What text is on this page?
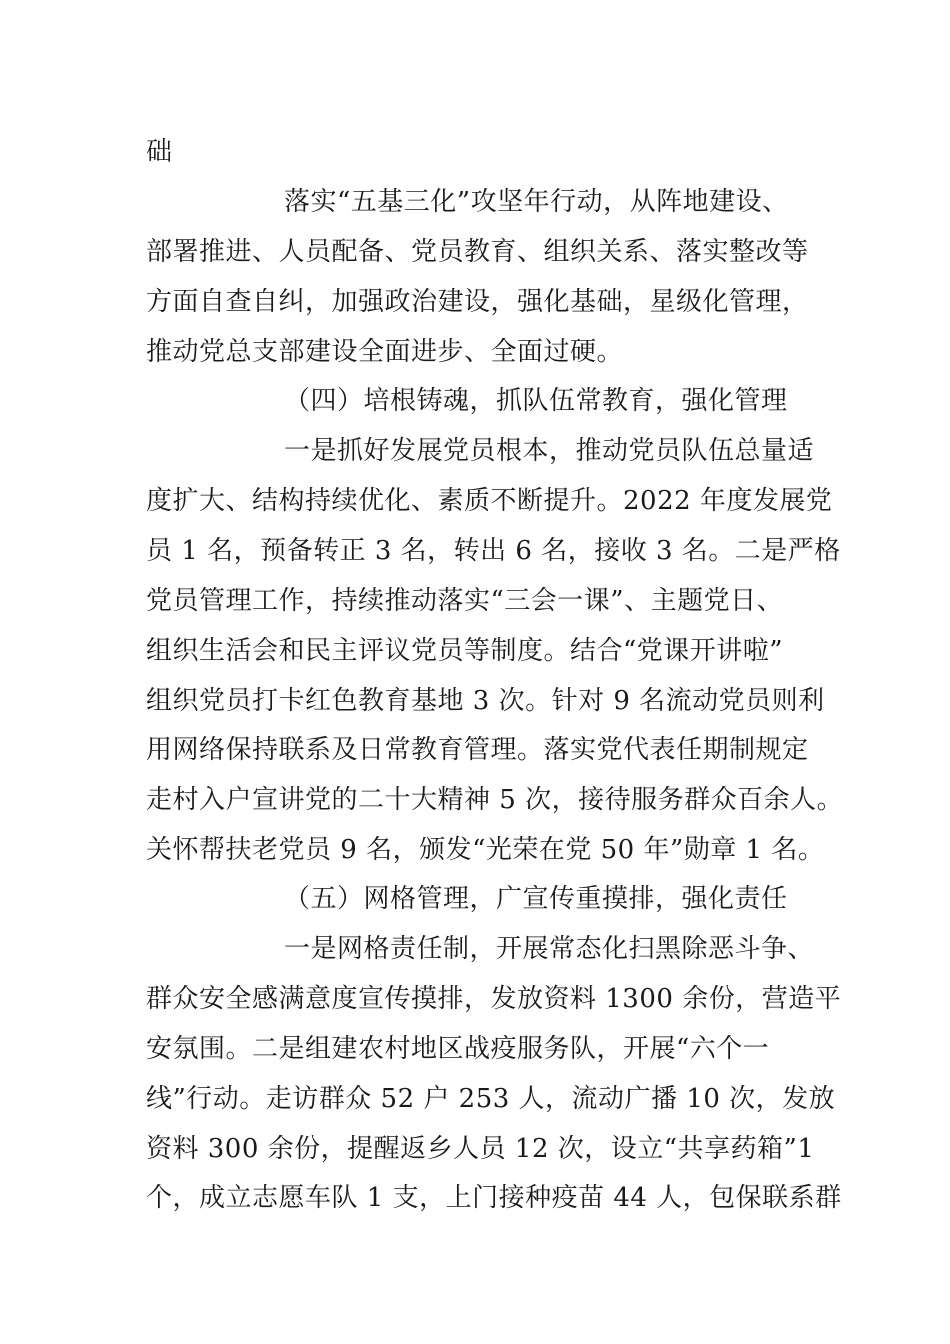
础
落实“五基三化”攻坚年行动，从阵地建设、
部署推进、人员配备、党员教育、组织关系、落实整改等
方面自查自纠，加强政治建设，强化基础，星级化管理，
推动党总支部建设全面进步、全面过硬。
（四）培根铸魂，抓队伍常教育，强化管理
一是抓好发展党员根本，推动党员队伍总量适
度扩大、结构持续优化、素质不断提升。2022 年度发展党
员 1 名，预备转正 3 名，转出 6 名，接收 3 名。二是严格
党员管理工作，持续推动落实“三会一课”、主题党日、
组织生活会和民主评议党员等制度。结合“党课开讲啦”
组织党员打卡红色教育基地 3 次。针对 9 名流动党员则利
用网络保持联系及日常教育管理。落实党代表任期制规定
走村入户宣讲党的二十大精神 5 次，接待服务群众百余人。
关怀帮扶老党员 9 名，颁发“光荣在党 50 年”勋章 1 名。
（五）网格管理，广宣传重摸排，强化责任
一是网格责任制，开展常态化扫黑除恶斗争、
群众安全感满意度宣传摸排，发放资料 1300 余份，营造平
安氛围。二是组建农村地区战疫服务队，开展“六个一
线”行动。走访群众 52 户 253 人，流动广播 10 次，发放
资料 300 余份，提醒返乡人员 12 次，设立“共享药箱”1
个，成立志愿车队 1 支，上门接种疫苗 44 人，包保联系群
